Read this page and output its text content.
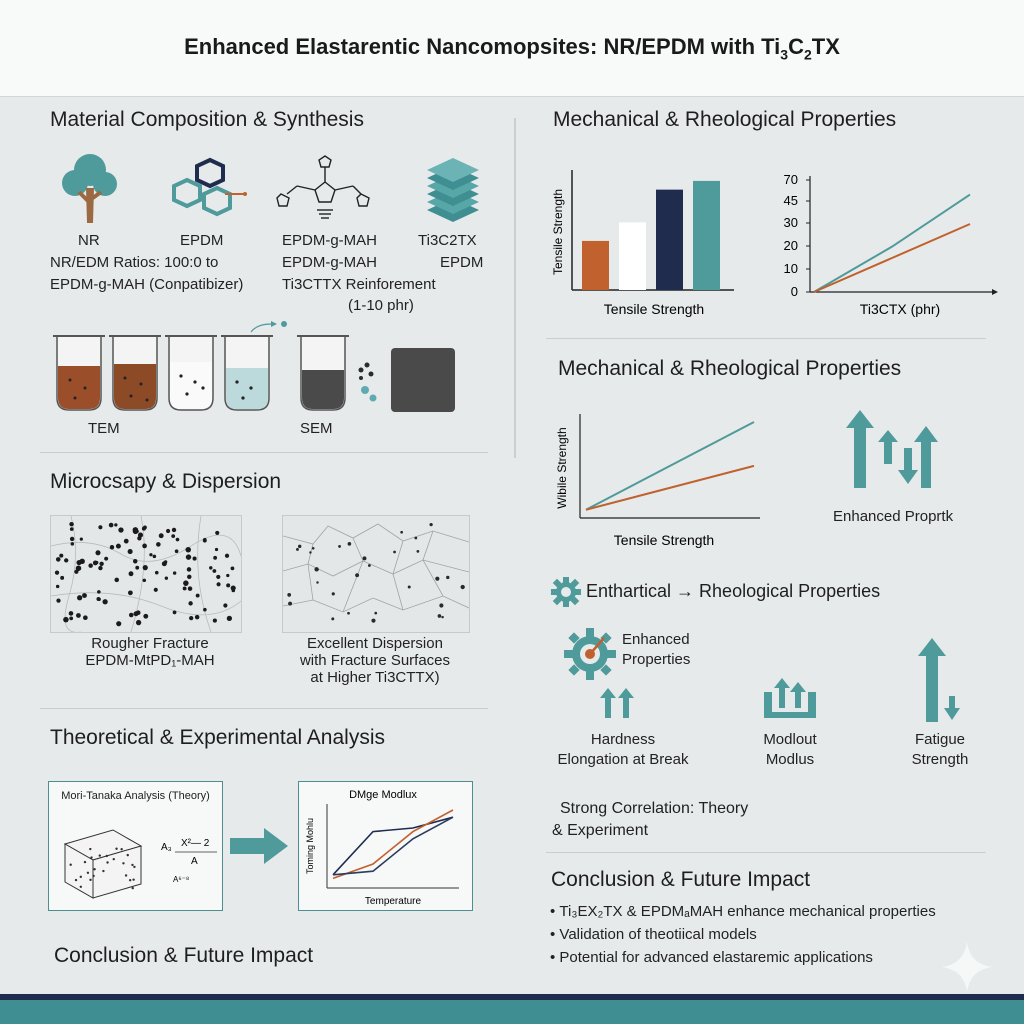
Enhanced Elastarentic Nancomopsites: NR/EPDM with $Ti_3C_2TX$
Material Composition & Synthesis
NR	EPDM	EPDM-g-MAH	Ti3C2TX
NR/EDM Ratios: 100:0 to	EPDM-g-MAH	EPDM
EPDM-g-MAH (Conpatibizer)	Ti3CTTX Reinforement
(1-10 phr)
TEM	SEM
Microcsapy & Dispersion
Rougher Fracture
EPDM-MtPD₁-MAH
Excellent Dispersion
with Fracture Surfaces
at Higher Ti3CTTX)
Theoretical & Experimental Analysis
Mori-Tanaka Analysis (Theory)
A₃ X²— 2
A
A⁶⁻⁸
DMge Modlux
Toming Mohlu
Temperature
Conclusion & Future Impact
Mechanical & Rheological Properties
Tensile Strength
Tensile Strength
0
10
20
30
45
70
Ti3CTX (phr)
Mechanical & Rheological Properties
Wibile Strength
Tensile Strength
Enhanced Proprtk
Enthartical → Rheological Properties
Enhanced
Properties
Hardness
Elongation at Break
Modlout
Modlus
Fatigue
Strength
Strong Correlation: Theory
& Experiment
Conclusion & Future Impact
• Ti₃EX₂TX & EPDMₐMAH enhance mechanical properties
• Validation of theotiical models
• Potential for advanced elastaremic applications
